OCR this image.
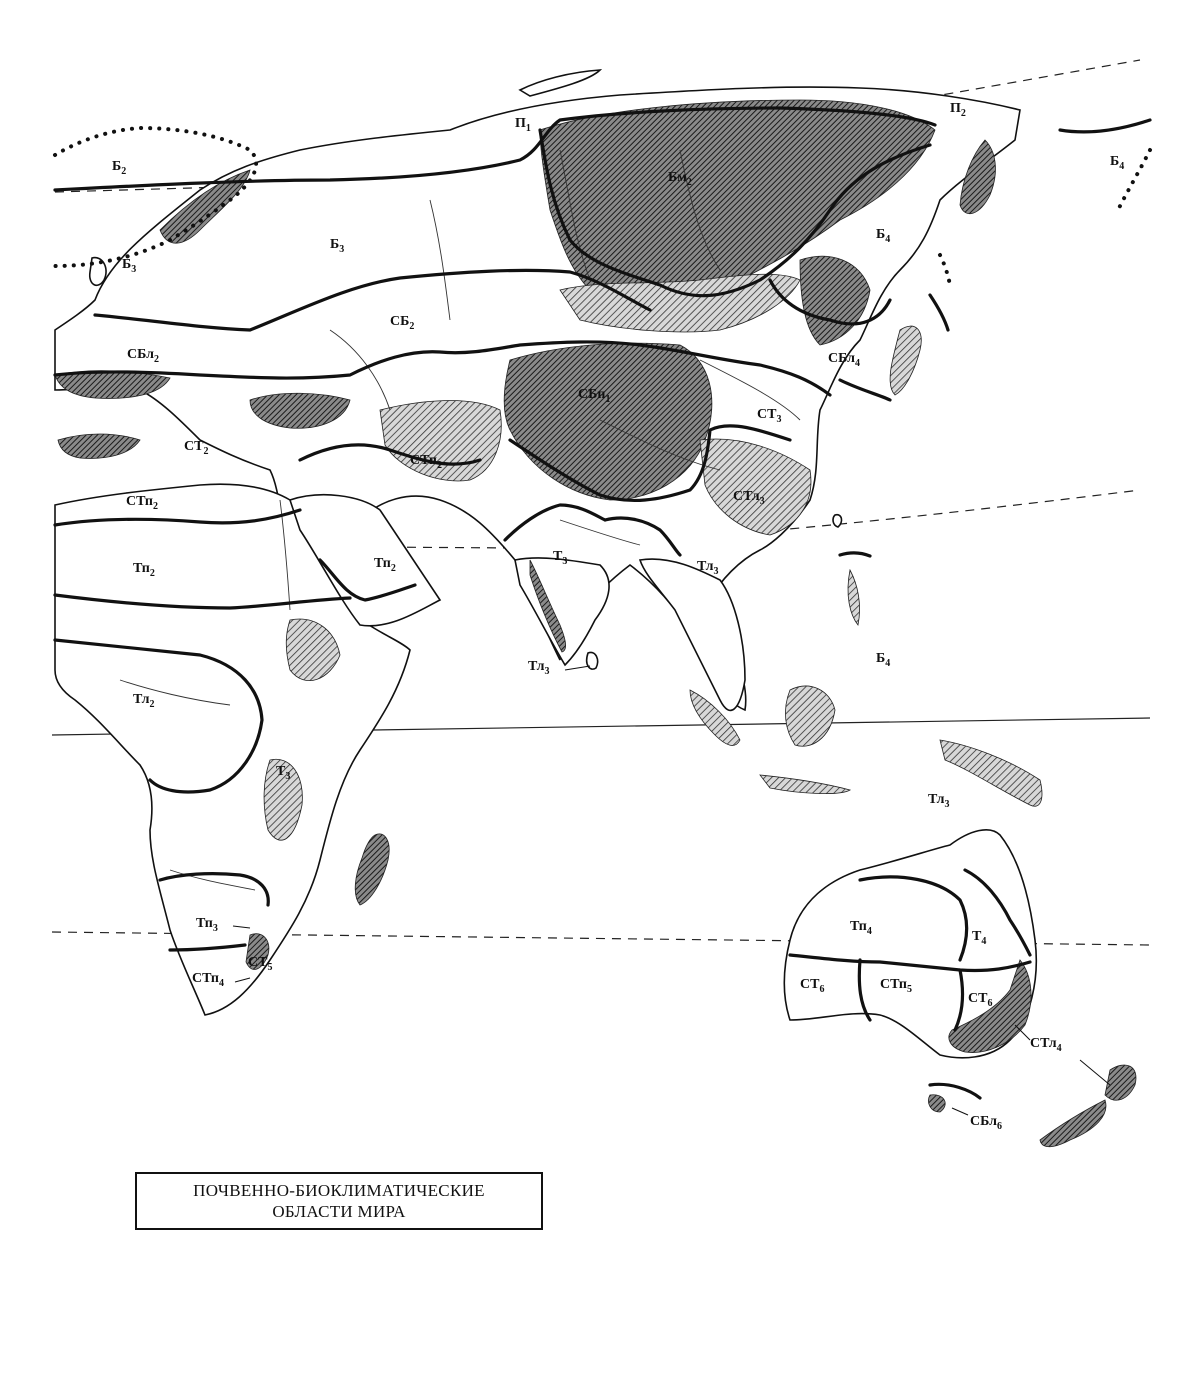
$П_1$
$П_2$
$Б_2$
$Б_3$
$Б_3$
$Б_4$
$Б_4$
$Б_4$
$Бм_2$
$СБ_2$
СБл$_2$	СБл$_4$
СБл$_6$
СБп$_1$
$СТ_2$
$СТ_3$
$СТ_5$
$СТ_6$
$СТ_6$
СТп$_2$
СТп$_2$
СТп$_4$	СТп$_5$
СТл$_3$
СТл$_4$
$Тп_2$
$Тп_2$
$Тп_3$	$Тп_4$
$Тл_2$
$Тл_3$
$Тл_3$
$Тл_3$
$Т_3$
$Т_3$
$Т_4$
ПОЧВЕННО-БИОКЛИМАТИЧЕСКИЕ
ОБЛАСТИ МИРА
